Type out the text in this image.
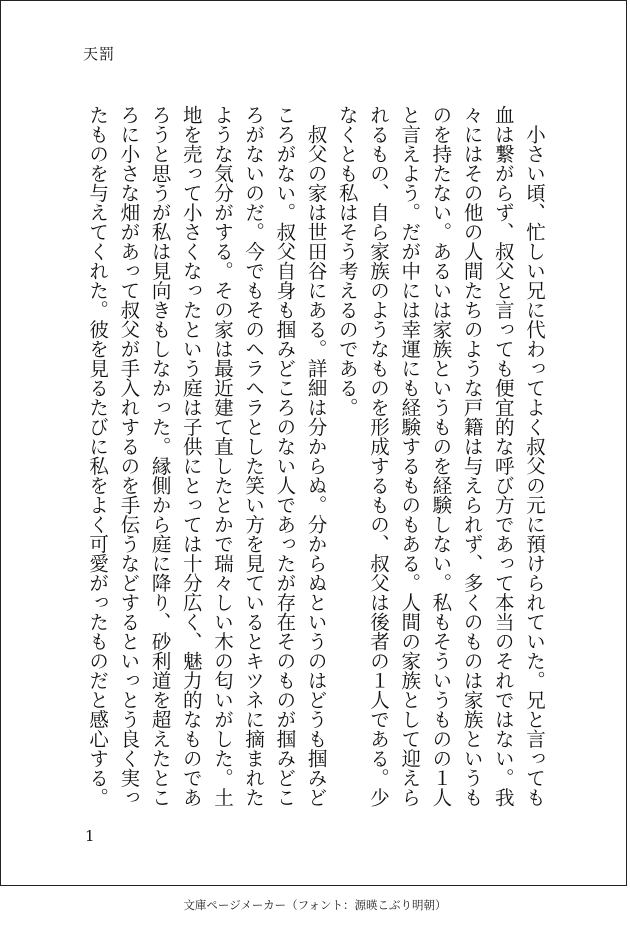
天罰
　小さい頃、忙しい兄に代わってよく叔父の元に預けられていた。兄と言っても
血は繋がらず、叔父と言っても便宜的な呼び方であって本当のそれではない。我
々にはその他の人間たちのような戸籍は与えられず、多くのものは家族というも
のを持たない。あるいは家族というものを経験しない。私もそういうものの１人
と言えよう。だが中には幸運にも経験するものもある。人間の家族として迎えら
れるもの、自ら家族のようなものを形成するもの、叔父は後者の１人である。少
なくとも私はそう考えるのである。
　叔父の家は世田谷にある。詳細は分からぬ。分からぬというのはどうも掴みど
ころがない。叔父自身も掴みどころのない人であったが存在そのものが掴みどこ
ろがないのだ。今でもそのヘラヘラとした笑い方を見ているとキツネに摘まれた
ような気分がする。その家は最近建て直したとかで瑞々しい木の匂いがした。土
地を売って小さくなったという庭は子供にとっては十分広く、魅力的なものであ
ろうと思うが私は見向きもしなかった。縁側から庭に降り、砂利道を超えたとこ
ろに小さな畑があって叔父が手入れするのを手伝うなどするといっとう良く実っ
たものを与えてくれた。彼を見るたびに私をよく可愛がったものだと感心する。
1
文庫ページメーカー（フォント：源暎こぶり明朝）
